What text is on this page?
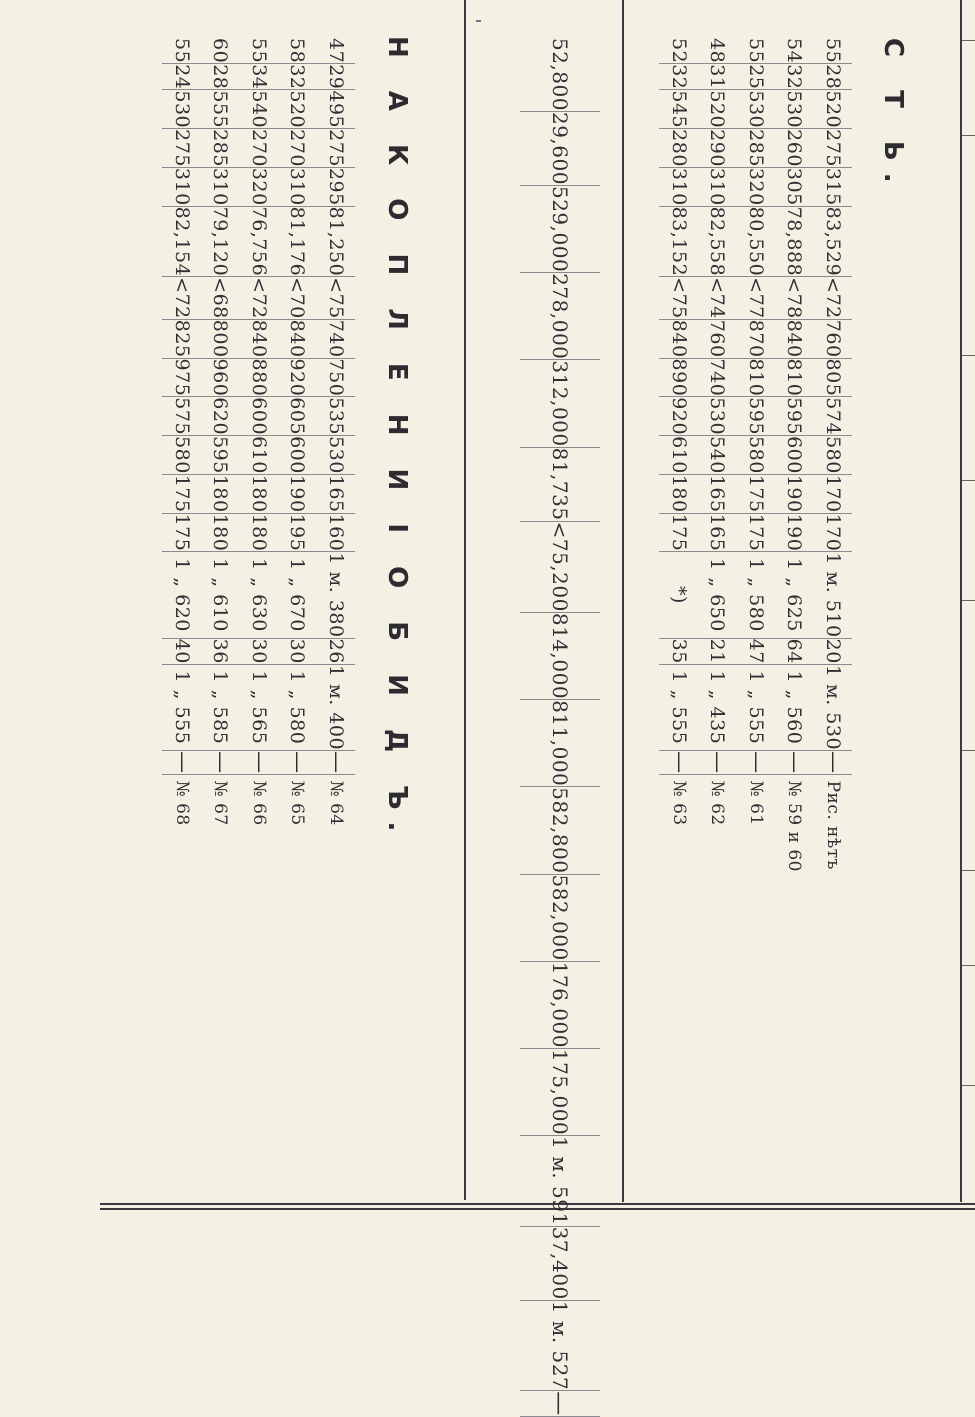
С Т Ь.
Н А К О П Л Е Н И І О Б И Д Ъ.	52,800	29,600	529,000	278,000	312,000	81,735	<75,200	814,000	811,000	582,800	582,000	176,000	175,000	1 м. 591	37,400	1 м. 527	—	
55	28	520	275	315	83,529	<72	760	805	574	580	170	170	1 м. 510	20	1 м. 530	—	Рис. нѣтъ
54	32	530	260	305	78,888	<78	840	810	595	600	190	190	1 „ 625	64	1 „ 560	—	№ 59 и 60
55	25	530	285	320	80,550	<77	870	810	595	580	175	175	1 „ 580	47	1 „ 555	—	№ 61
48	31	520	290	310	82,558	<74	760	740	530	540	165	165	1 „ 650	21	1 „ 435	—	№ 62
52	32	545	280	310	83,152	<75	840	890	920	610	180	175	*)	35	1 „ 555	—	№ 63
47	29	495	275	295	81,250	<75	740	750	535	530	165	160	1 м. 380	26	1 м. 400	—	№ 64
58	32	520	270	310	81,176	<70	840	920	605	600	190	195	1 „ 670	30	1 „ 580	—	№ 65
55	34	540	270	320	76,756	<72	840	880	600	610	180	180	1 „ 630	30	1 „ 565	—	№ 66
60	28	555	285	310	79,120	<68	800	960	620	595	180	180	1 „ 610	36	1 „ 585	—	№ 67
55	24	530	275	310	82,154	<72	825	975	575	580	175	175	1 „ 620	40	1 „ 555	—	№ 68
